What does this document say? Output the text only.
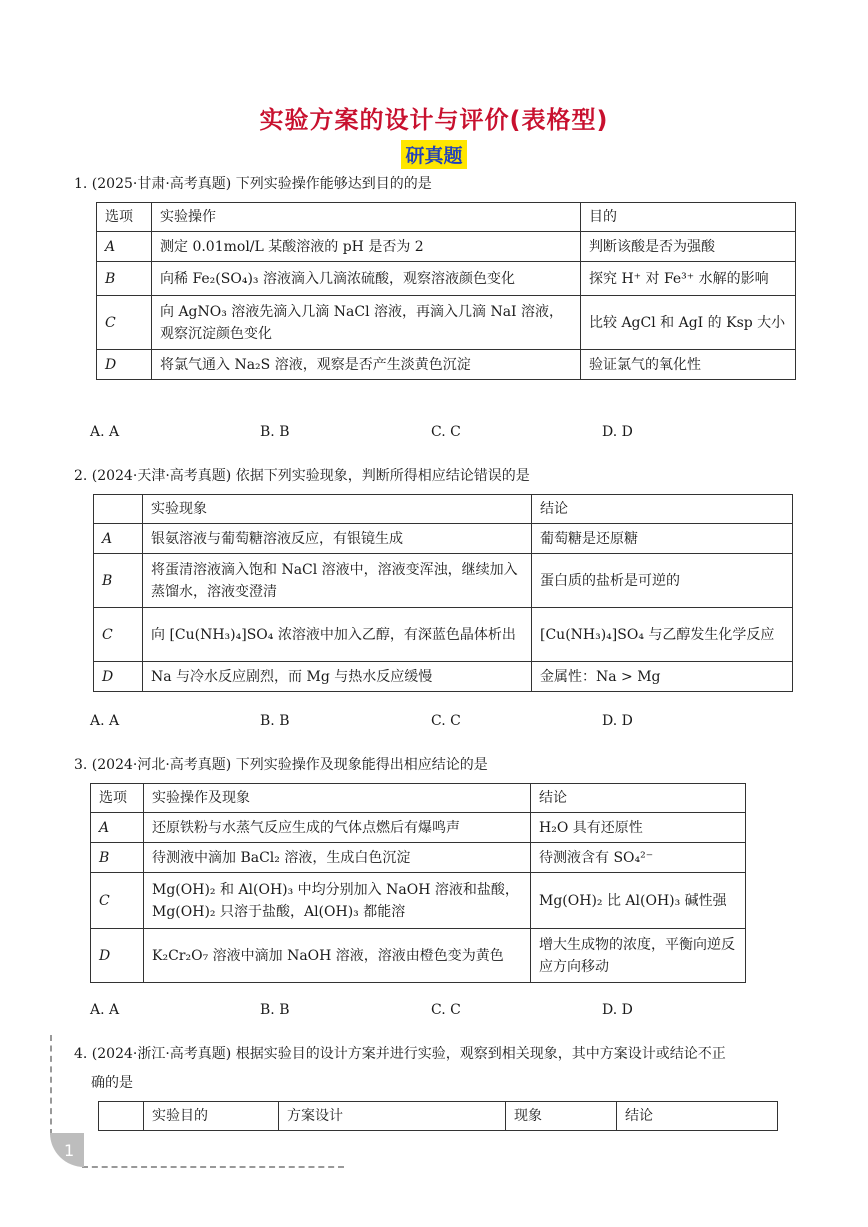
实验方案的设计与评价(表格型)
研真题
1. (2025·甘肃·高考真题) 下列实验操作能够达到目的的是
选项	实验操作	目的
A	测定 0.01mol/L 某酸溶液的 pH 是否为 2	判断该酸是否为强酸
B	向稀 Fe₂(SO₄)₃ 溶液滴入几滴浓硫酸，观察溶液颜色变化	探究 H⁺ 对 Fe³⁺ 水解的影响
C	向 AgNO₃ 溶液先滴入几滴 NaCl 溶液，再滴入几滴 NaI 溶液，观察沉淀颜色变化	比较 AgCl 和 AgI 的 Ksp 大小
D	将氯气通入 Na₂S 溶液，观察是否产生淡黄色沉淀	验证氯气的氧化性
A. A	B. B	C. C	D. D
2. (2024·天津·高考真题) 依据下列实验现象，判断所得相应结论错误的是
	实验现象	结论
A	银氨溶液与葡萄糖溶液反应，有银镜生成	葡萄糖是还原糖
B	将蛋清溶液滴入饱和 NaCl 溶液中，溶液变浑浊，继续加入蒸馏水，溶液变澄清	蛋白质的盐析是可逆的
C	向 [Cu(NH₃)₄]SO₄ 浓溶液中加入乙醇，有深蓝色晶体析出	[Cu(NH₃)₄]SO₄ 与乙醇发生化学反应
D	Na 与冷水反应剧烈，而 Mg 与热水反应缓慢	金属性：Na > Mg
A. A	B. B	C. C	D. D
3. (2024·河北·高考真题) 下列实验操作及现象能得出相应结论的是
选项	实验操作及现象	结论
A	还原铁粉与水蒸气反应生成的气体点燃后有爆鸣声	H₂O 具有还原性
B	待测液中滴加 BaCl₂ 溶液，生成白色沉淀	待测液含有 SO₄²⁻
C	Mg(OH)₂ 和 Al(OH)₃ 中均分别加入 NaOH 溶液和盐酸，Mg(OH)₂ 只溶于盐酸，Al(OH)₃ 都能溶	Mg(OH)₂ 比 Al(OH)₃ 碱性强
D	K₂Cr₂O₇ 溶液中滴加 NaOH 溶液，溶液由橙色变为黄色	增大生成物的浓度，平衡向逆反应方向移动
A. A	B. B	C. C	D. D
4. (2024·浙江·高考真题) 根据实验目的设计方案并进行实验，观察到相关现象，其中方案设计或结论不正
确的是
	实验目的	方案设计	现象	结论
1
